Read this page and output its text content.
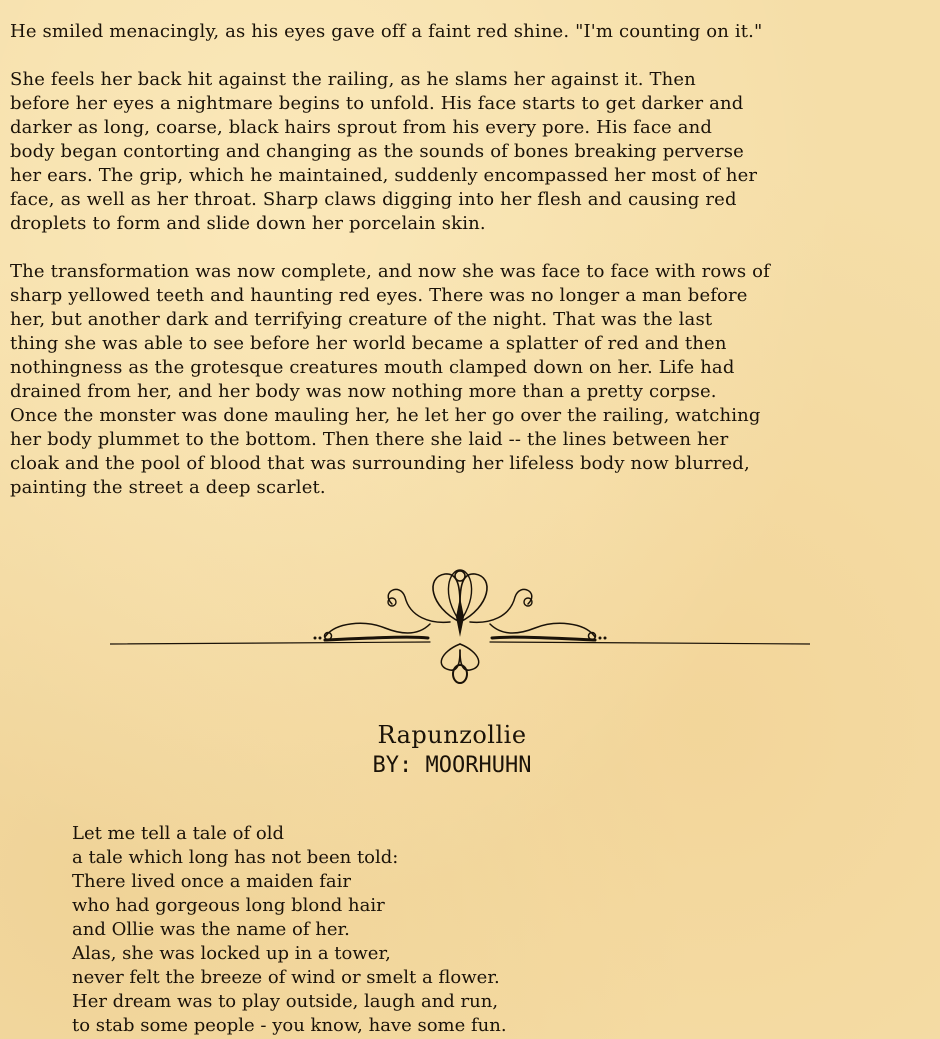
He smiled menacingly, as his eyes gave off a faint red shine. "I'm counting on it."

She feels her back hit against the railing, as he slams her against it. Then
before her eyes a nightmare begins to unfold. His face starts to get darker and
darker as long, coarse, black hairs sprout from his every pore. His face and
body began contorting and changing as the sounds of bones breaking perverse
her ears. The grip, which he maintained, suddenly encompassed her most of her
face, as well as her throat. Sharp claws digging into her flesh and causing red
droplets to form and slide down her porcelain skin.

The transformation was now complete, and now she was face to face with rows of
sharp yellowed teeth and haunting red eyes. There was no longer a man before
her, but another dark and terrifying creature of the night. That was the last
thing she was able to see before her world became a splatter of red and then
nothingness as the grotesque creatures mouth clamped down on her. Life had
drained from her, and her body was now nothing more than a pretty corpse.
Once the monster was done mauling her, he let her go over the railing, watching
her body plummet to the bottom. Then there she laid -- the lines between her
cloak and the pool of blood that was surrounding her lifeless body now blurred,
painting the street a deep scarlet.

Rapunzollie
BY: MOORHUHN
Let me tell a tale of old
a tale which long has not been told:
There lived once a maiden fair
who had gorgeous long blond hair
and Ollie was the name of her.
Alas, she was locked up in a tower,
never felt the breeze of wind or smelt a flower.
Her dream was to play outside, laugh and run,
to stab some people - you know, have some fun.
